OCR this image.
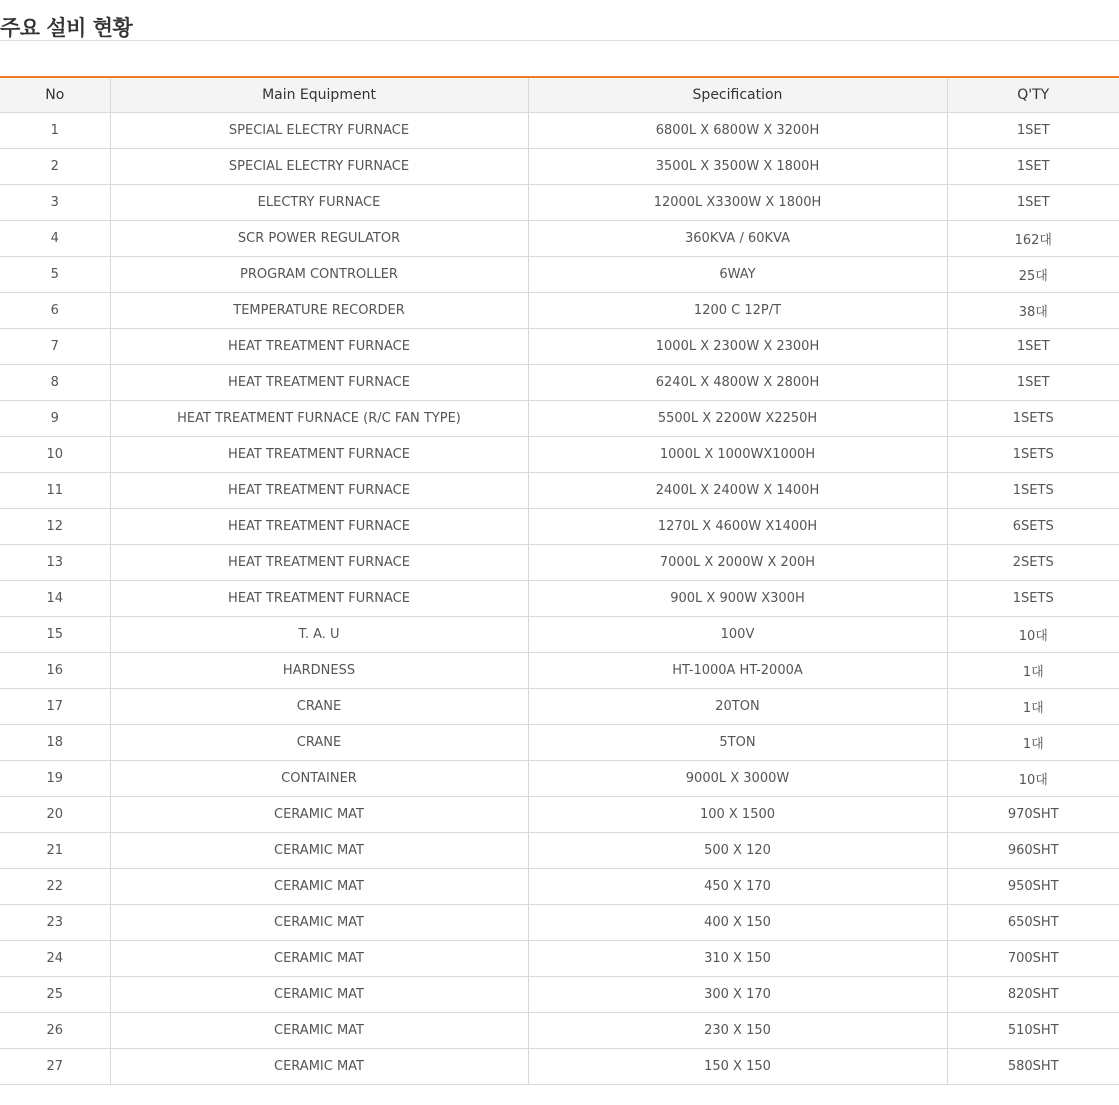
주요 설비 현황
No	Main Equipment	Specification	Q'TY
1	SPECIAL ELECTRY FURNACE	6800L X 6800W X 3200H	1SET
2	SPECIAL ELECTRY FURNACE	3500L X 3500W X 1800H	1SET
3	ELECTRY FURNACE	12000L X3300W X 1800H	1SET
4	SCR POWER REGULATOR	360KVA / 60KVA	162대
5	PROGRAM CONTROLLER	6WAY	25대
6	TEMPERATURE RECORDER	1200 C 12P/T	38대
7	HEAT TREATMENT FURNACE	1000L X 2300W X 2300H	1SET
8	HEAT TREATMENT FURNACE	6240L X 4800W X 2800H	1SET
9	HEAT TREATMENT FURNACE (R/C FAN TYPE)	5500L X 2200W X2250H	1SETS
10	HEAT TREATMENT FURNACE	1000L X 1000WX1000H	1SETS
11	HEAT TREATMENT FURNACE	2400L X 2400W X 1400H	1SETS
12	HEAT TREATMENT FURNACE	1270L X 4600W X1400H	6SETS
13	HEAT TREATMENT FURNACE	7000L X 2000W X 200H	2SETS
14	HEAT TREATMENT FURNACE	900L X 900W X300H	1SETS
15	T. A. U	100V	10대
16	HARDNESS	HT-1000A HT-2000A	1대
17	CRANE	20TON	1대
18	CRANE	5TON	1대
19	CONTAINER	9000L X 3000W	10대
20	CERAMIC MAT	100 X 1500	970SHT
21	CERAMIC MAT	500 X 120	960SHT
22	CERAMIC MAT	450 X 170	950SHT
23	CERAMIC MAT	400 X 150	650SHT
24	CERAMIC MAT	310 X 150	700SHT
25	CERAMIC MAT	300 X 170	820SHT
26	CERAMIC MAT	230 X 150	510SHT
27	CERAMIC MAT	150 X 150	580SHT
